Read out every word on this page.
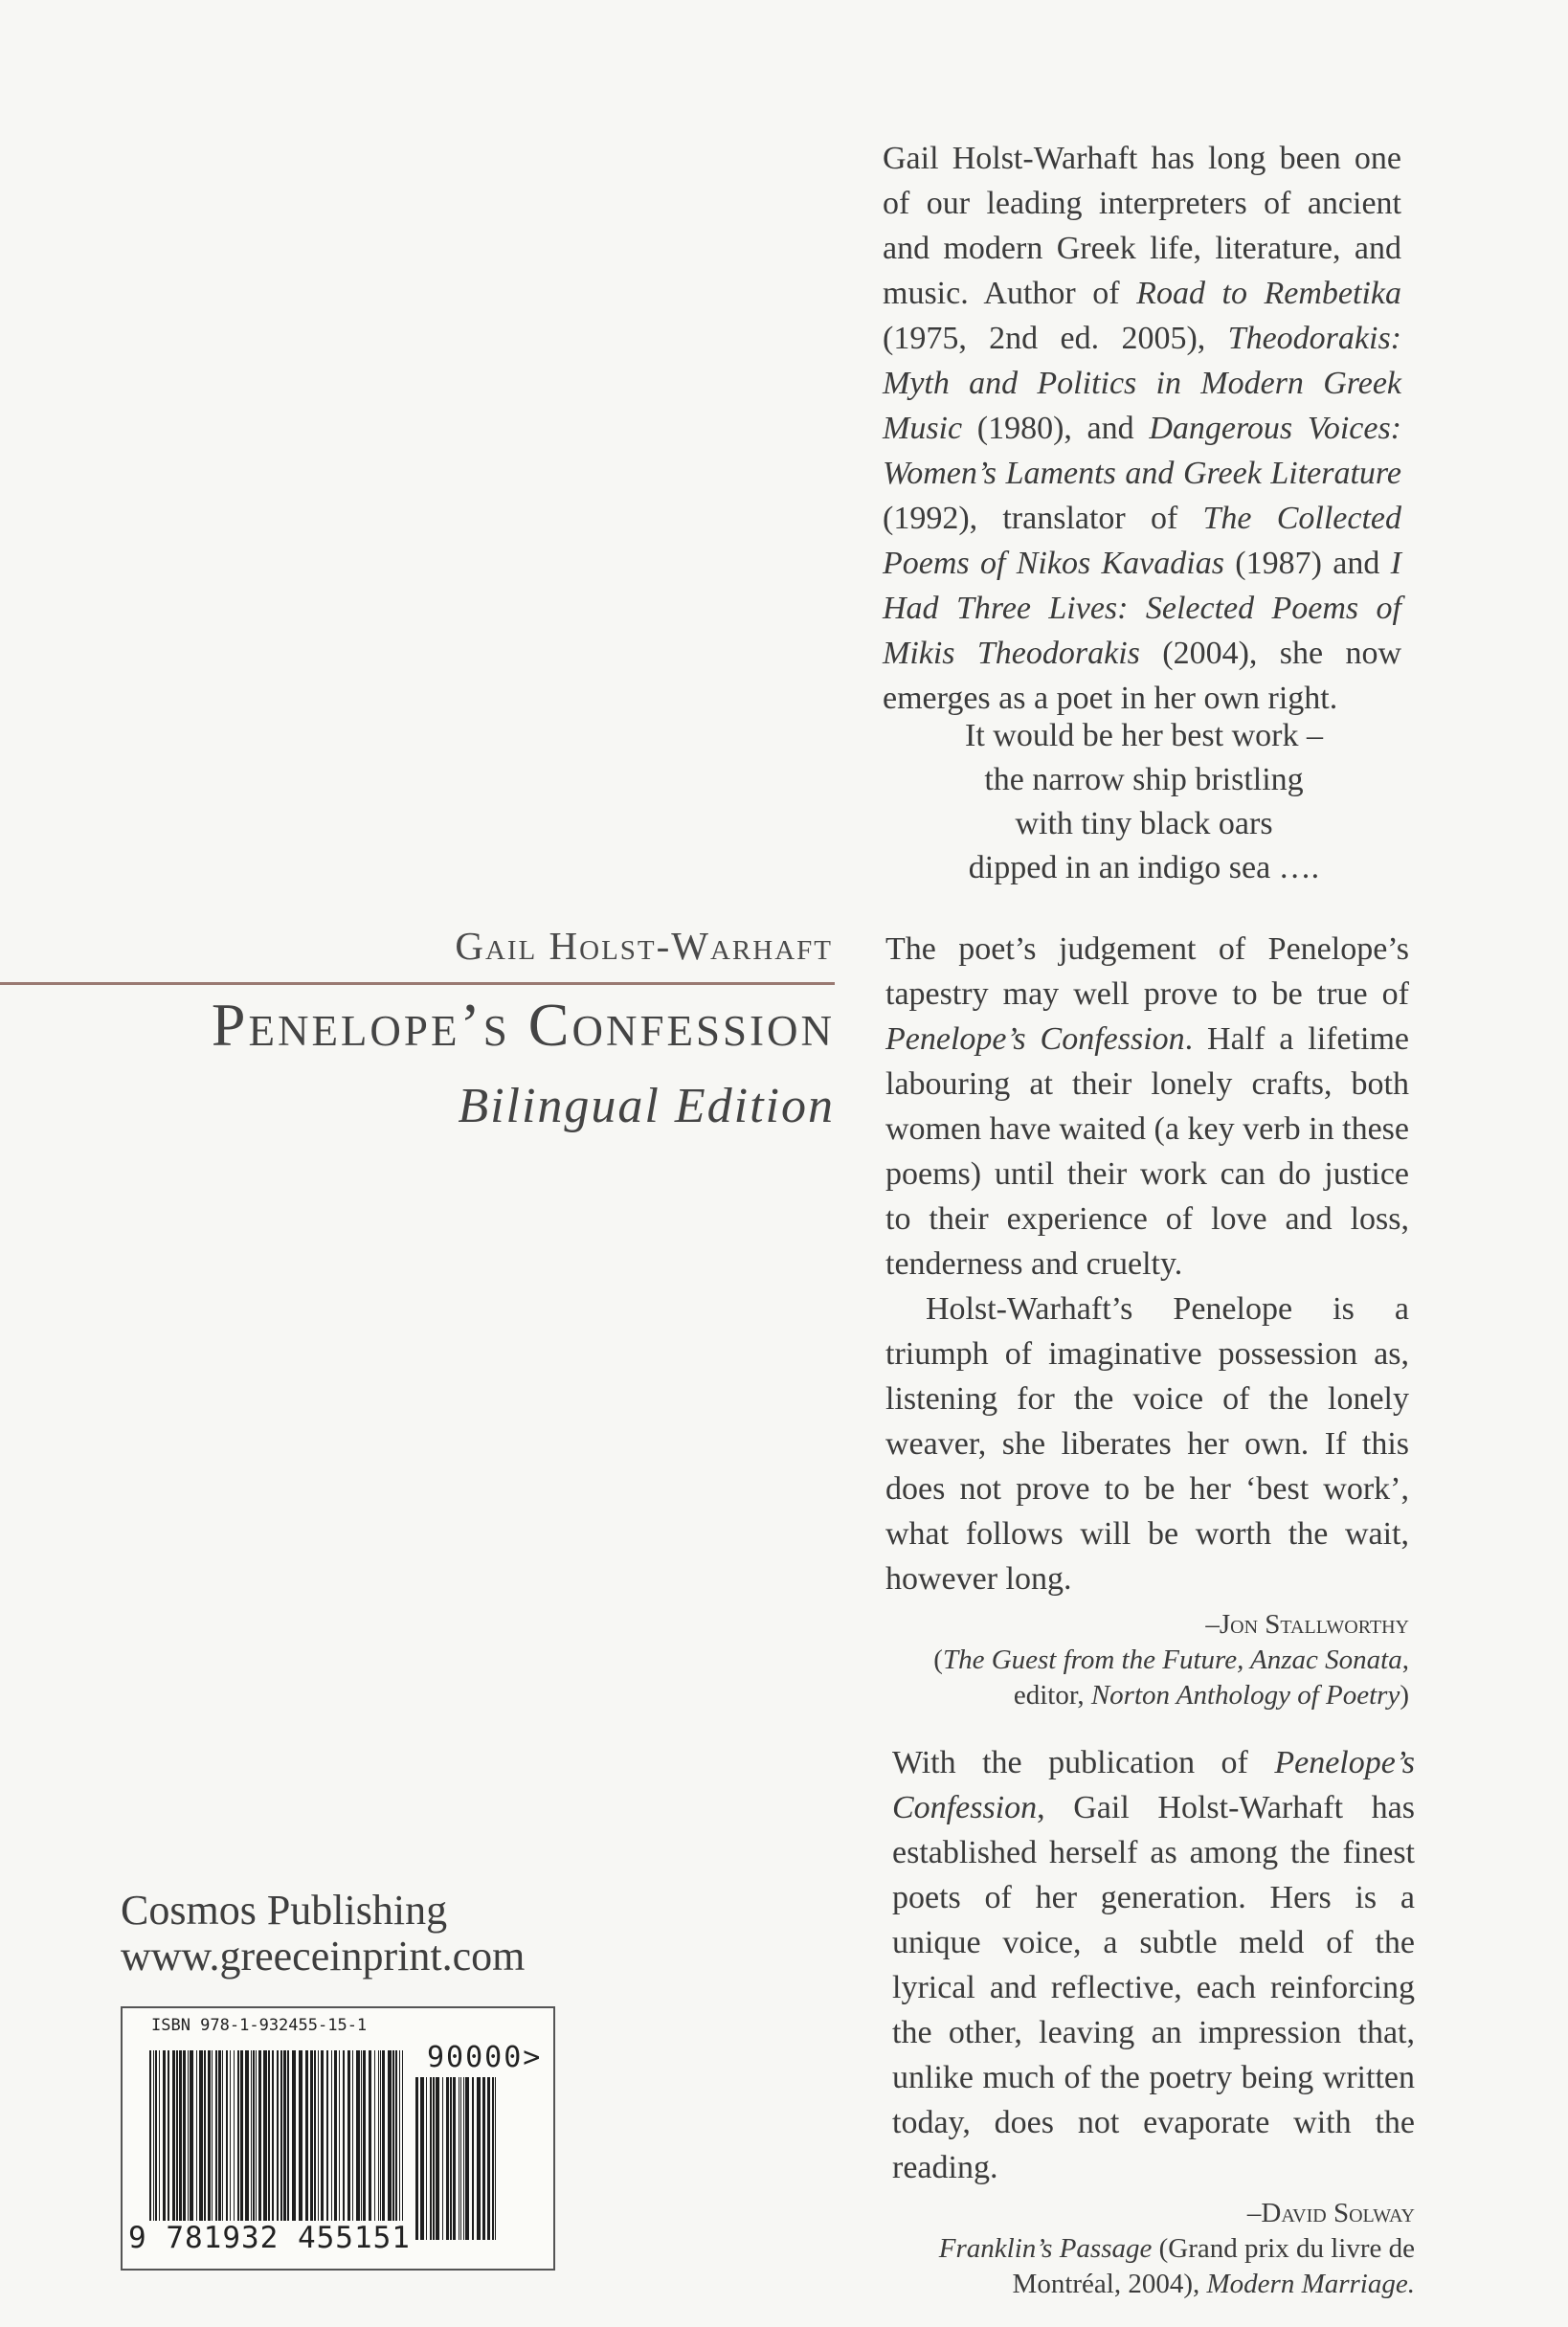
Gail Holst-Warhaft has long been one of our leading interpreters of ancient and modern Greek life, literature, and music. Author of Road to Rembetika (1975, 2nd ed. 2005), Theodorakis: Myth and Politics in Modern Greek Music (1980), and Dangerous Voices: Women’s Laments and Greek Literature (1992), translator of The Collected Poems of Nikos Kavadias (1987) and I Had Three Lives: Selected Poems of Mikis Theodorakis (2004), she now emerges as a poet in her own right.

It would be her best work –
the narrow ship bristling
with tiny black oars
dipped in an indigo sea ….

The poet’s judgement of Penelope’s tapestry may well prove to be true of Penelope’s Confession. Half a lifetime labouring at their lonely crafts, both women have waited (a key verb in these poems) until their work can do justice to their experience of love and loss, tenderness and cruelty.

Holst-Warhaft’s Penelope is a triumph of imaginative possession as, listening for the voice of the lonely weaver, she liberates her own. If this does not prove to be her ‘best work’, what follows will be worth the wait, however long.

–Jon Stallworthy
(The Guest from the Future, Anzac Sonata,
editor, Norton Anthology of Poetry)

With the publication of Penelope’s Confession, Gail Holst-Warhaft has established herself as among the finest poets of her generation. Hers is a unique voice, a subtle meld of the lyrical and reflective, each reinforcing the other, leaving an impression that, unlike much of the poetry being written today, does not evaporate with the reading.

–David Solway
Franklin’s Passage (Grand prix du livre de
Montréal, 2004), Modern Marriage.
Gail Holst-Warhaft
Penelope’s Confession
Bilingual Edition
Cosmos Publishing
www.greeceinprint.com
ISBN 978-1-932455-15-1
90000>
9 781932 455151
